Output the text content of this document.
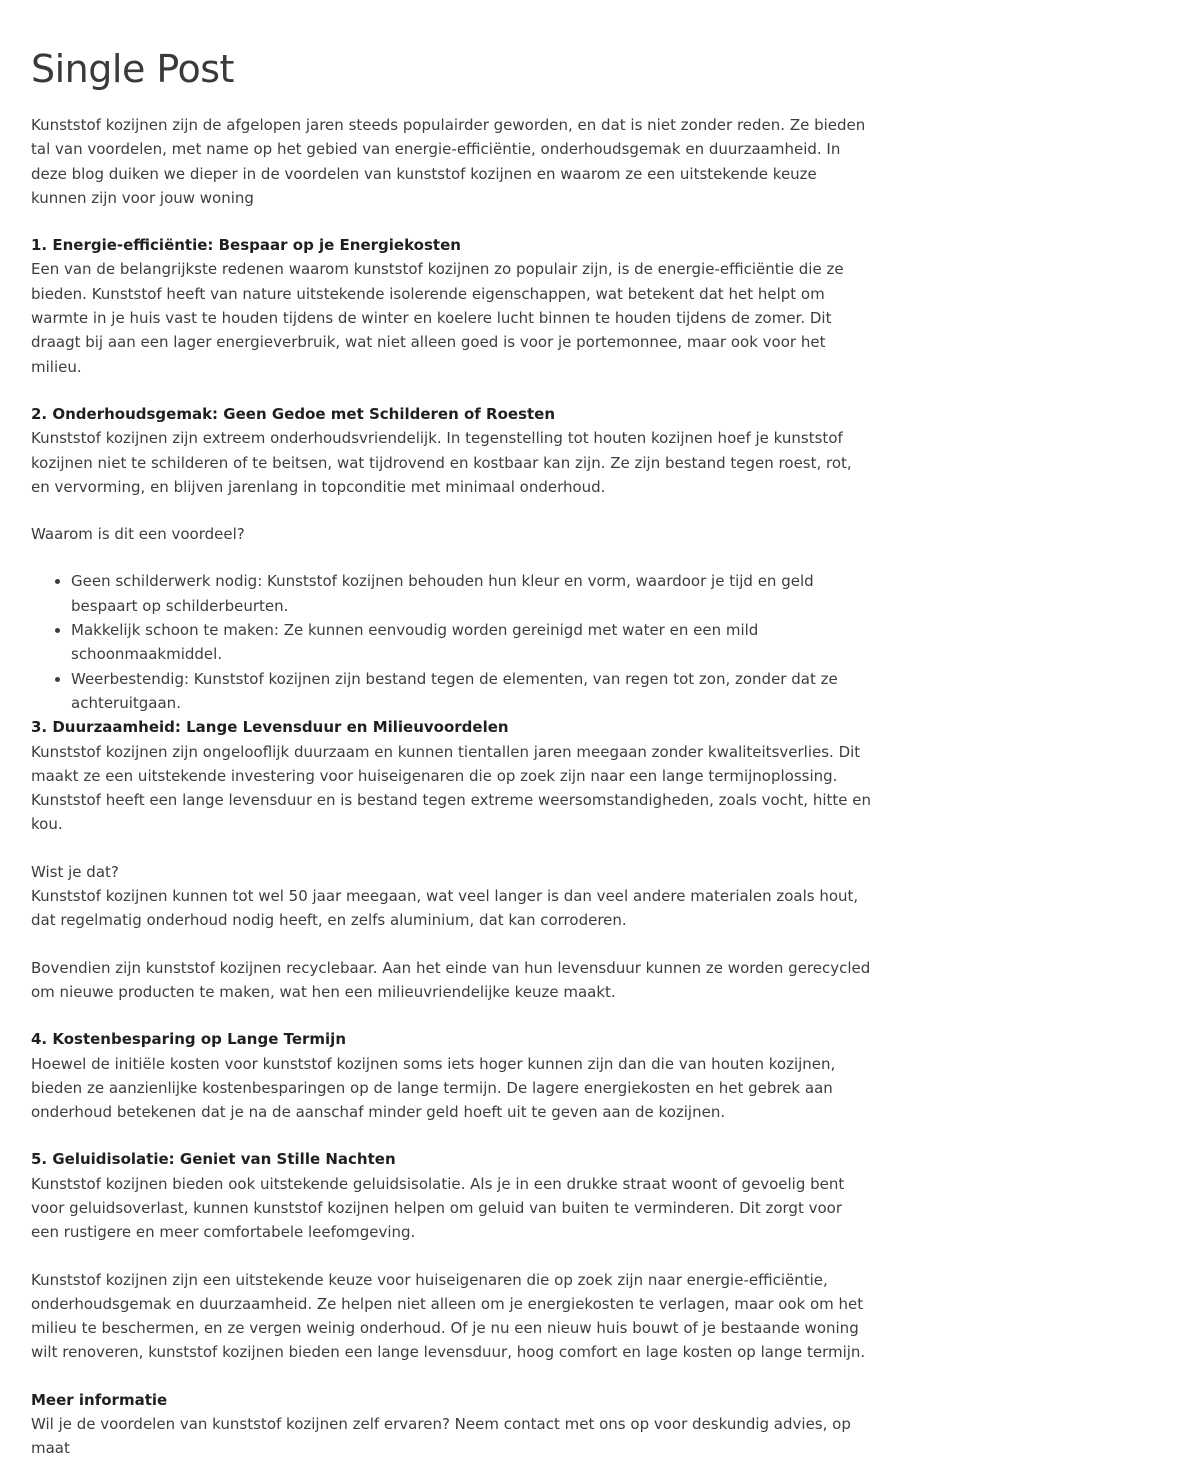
Single Post

Kunststof kozijnen zijn de afgelopen jaren steeds populairder geworden, en dat is niet zonder reden. Ze bieden tal van voordelen, met name op het gebied van energie-efficiëntie, onderhoudsgemak en duurzaamheid. In deze blog duiken we dieper in de voordelen van kunststof kozijnen en waarom ze een uitstekende keuze kunnen zijn voor jouw woning

1. Energie-efficiëntie: Bespaar op je Energiekosten
Een van de belangrijkste redenen waarom kunststof kozijnen zo populair zijn, is de energie-efficiëntie die ze bieden. Kunststof heeft van nature uitstekende isolerende eigenschappen, wat betekent dat het helpt om warmte in je huis vast te houden tijdens de winter en koelere lucht binnen te houden tijdens de zomer. Dit draagt bij aan een lager energieverbruik, wat niet alleen goed is voor je portemonnee, maar ook voor het milieu.

2. Onderhoudsgemak: Geen Gedoe met Schilderen of Roesten
Kunststof kozijnen zijn extreem onderhoudsvriendelijk. In tegenstelling tot houten kozijnen hoef je kunststof kozijnen niet te schilderen of te beitsen, wat tijdrovend en kostbaar kan zijn. Ze zijn bestand tegen roest, rot, en vervorming, en blijven jarenlang in topconditie met minimaal onderhoud.

Waarom is dit een voordeel?

• Geen schilderwerk nodig: Kunststof kozijnen behouden hun kleur en vorm, waardoor je tijd en geld bespaart op schilderbeurten.
• Makkelijk schoon te maken: Ze kunnen eenvoudig worden gereinigd met water en een mild schoonmaakmiddel.
• Weerbestendig: Kunststof kozijnen zijn bestand tegen de elementen, van regen tot zon, zonder dat ze achteruitgaan.

3. Duurzaamheid: Lange Levensduur en Milieuvoordelen
Kunststof kozijnen zijn ongelooflijk duurzaam en kunnen tientallen jaren meegaan zonder kwaliteitsverlies. Dit maakt ze een uitstekende investering voor huiseigenaren die op zoek zijn naar een lange termijnoplossing. Kunststof heeft een lange levensduur en is bestand tegen extreme weersomstandigheden, zoals vocht, hitte en kou.

Wist je dat?
Kunststof kozijnen kunnen tot wel 50 jaar meegaan, wat veel langer is dan veel andere materialen zoals hout, dat regelmatig onderhoud nodig heeft, en zelfs aluminium, dat kan corroderen.

Bovendien zijn kunststof kozijnen recyclebaar. Aan het einde van hun levensduur kunnen ze worden gerecycled om nieuwe producten te maken, wat hen een milieuvriendelijke keuze maakt.

4. Kostenbesparing op Lange Termijn
Hoewel de initiële kosten voor kunststof kozijnen soms iets hoger kunnen zijn dan die van houten kozijnen, bieden ze aanzienlijke kostenbesparingen op de lange termijn. De lagere energiekosten en het gebrek aan onderhoud betekenen dat je na de aanschaf minder geld hoeft uit te geven aan de kozijnen.

5. Geluidisolatie: Geniet van Stille Nachten
Kunststof kozijnen bieden ook uitstekende geluidsisolatie. Als je in een drukke straat woont of gevoelig bent voor geluidsoverlast, kunnen kunststof kozijnen helpen om geluid van buiten te verminderen. Dit zorgt voor een rustigere en meer comfortabele leefomgeving.

Kunststof kozijnen zijn een uitstekende keuze voor huiseigenaren die op zoek zijn naar energie-efficiëntie, onderhoudsgemak en duurzaamheid. Ze helpen niet alleen om je energiekosten te verlagen, maar ook om het milieu te beschermen, en ze vergen weinig onderhoud. Of je nu een nieuw huis bouwt of je bestaande woning wilt renoveren, kunststof kozijnen bieden een lange levensduur, hoog comfort en lage kosten op lange termijn.

Meer informatie
Wil je de voordelen van kunststof kozijnen zelf ervaren? Neem contact met ons op voor deskundig advies, op maat
